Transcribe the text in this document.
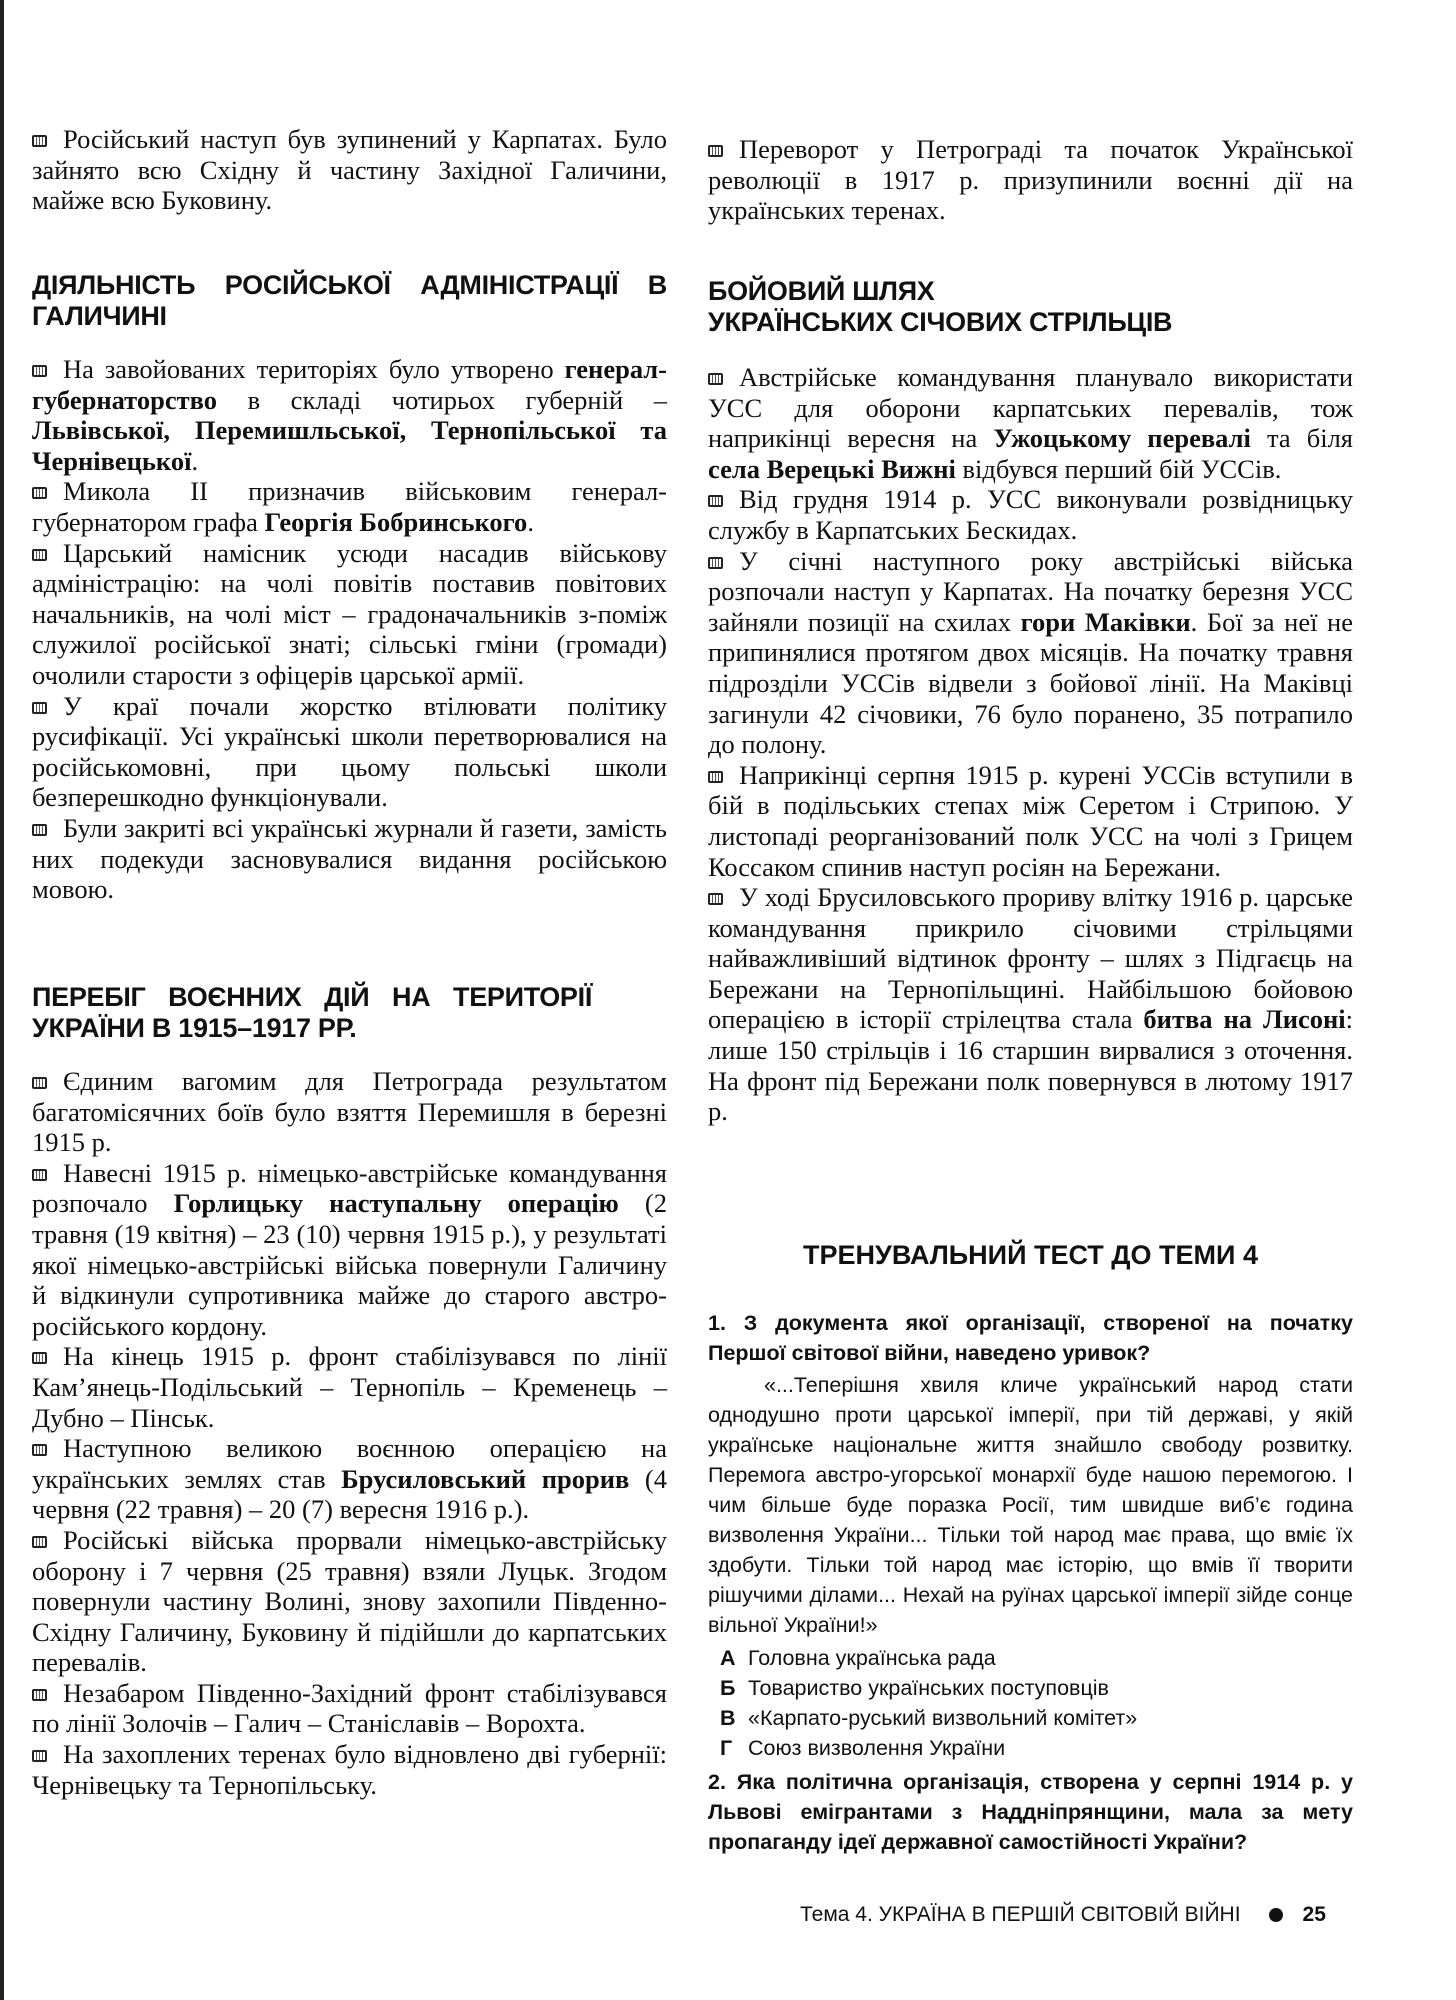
Російський наступ був зупинений у Карпатах. Було зайнято всю Східну й частину Західної Галичини, майже всю Буковину.

ДІЯЛЬНІСТЬ РОСІЙСЬКОЇ АДМІНІСТРАЦІЇ В ГАЛИЧИНІ

На завойованих територіях було утворено генерал-губернаторство в складі чотирьох губерній – Львівської, Перемишльської, Тернопільської та Чернівецької.

Микола II призначив військовим генерал-губернатором графа Георгія Бобринського.

Царський намісник усюди насадив військову адміністрацію: на чолі повітів поставив повітових начальників, на чолі міст – градоначальників з-поміж служилої російської знаті; сільські гміни (громади) очолили старости з офіцерів царської армії.

У краї почали жорстко втілювати політику русифікації. Усі українські школи перетворювалися на російськомовні, при цьому польські школи безперешкодно функціонували.

Були закриті всі українські журнали й газети, замість них подекуди засновувалися видання російською мовою.

ПЕРЕБІГ ВОЄННИХ ДІЙ НА ТЕРИТОРІЇ УКРАЇНИ В 1915–1917 РР.

Єдиним вагомим для Петрограда результатом багатомісячних боїв було взяття Перемишля в березні 1915 р.

Навесні 1915 р. німецько-австрійське командування розпочало Горлицьку наступальну операцію (2 травня (19 квітня) – 23 (10) червня 1915 р.), у результаті якої німецько-австрійські війська повернули Галичину й відкинули супротивника майже до старого австро-російського кордону.

На кінець 1915 р. фронт стабілізувався по лінії Кам’янець-Подільський – Тернопіль – Кременець – Дубно – Пінськ.

Наступною великою воєнною операцією на українських землях став Брусиловський прорив (4 червня (22 травня) – 20 (7) вересня 1916 р.).

Російські війська прорвали німецько-австрійську оборону і 7 червня (25 травня) взяли Луцьк. Згодом повернули частину Волині, знову захопили Південно-Східну Галичину, Буковину й підійшли до карпатських перевалів.

Незабаром Південно-Західний фронт стабілізувався по лінії Золочів – Галич – Станіславів – Ворохта.

На захоплених теренах було відновлено дві губернії: Чернівецьку та Тернопільську.

Переворот у Петрограді та початок Української революції в 1917 р. призупинили воєнні дії на українських теренах.

БОЙОВИЙ ШЛЯХ
УКРАЇНСЬКИХ СІЧОВИХ СТРІЛЬЦІВ

Австрійське командування планувало використати УСС для оборони карпатських перевалів, тож наприкінці вересня на Ужоцькому перевалі та біля села Верецькі Вижні відбувся перший бій УССів.

Від грудня 1914 р. УСС виконували розвідницьку службу в Карпатських Бескидах.

У січні наступного року австрійські війська розпочали наступ у Карпатах. На початку березня УСС зайняли позиції на схилах гори Маківки. Бої за неї не припинялися протягом двох місяців. На початку травня підрозділи УССів відвели з бойової лінії. На Маківці загинули 42 січовики, 76 було поранено, 35 потрапило до полону.

Наприкінці серпня 1915 р. курені УССів вступили в бій в подільських степах між Серетом і Стрипою. У листопаді реорганізований полк УСС на чолі з Грицем Коссаком спинив наступ росіян на Бережани.

У ході Брусиловського прориву влітку 1916 р. царське командування прикрило січовими стрільцями найважливіший відтинок фронту – шлях з Підгаєць на Бережани на Тернопільщині. Найбільшою бойовою операцією в історії стрілецтва стала битва на Лисоні: лише 150 стрільців і 16 старшин вирвалися з оточення. На фронт під Бережани полк повернувся в лютому 1917 р.

ТРЕНУВАЛЬНИЙ ТЕСТ ДО ТЕМИ 4
1. З документа якої організації, створеної на початку Першої світової війни, наведено уривок?
«...Теперішня хвиля кличе український народ стати однодушно проти царської імперії, при тій державі, у якій українське національне життя знайшло свободу розвитку. Перемога австро-угорської монархії буде нашою перемогою. І чим більше буде поразка Росії, тим швидше виб’є година визволення України... Тільки той народ має права, що вміє їх здобути. Тільки той народ має історію, що вмів її творити рішучими ділами... Нехай на руїнах царської імперії зійде сонце вільної України!»
А Головна українська рада
Б Товариство українських поступовців
В «Карпато-руський визвольний комітет»
Г Союз визволення України
2. Яка політична організація, створена у серпні 1914 р. у Львові емігрантами з Наддніпрянщини, мала за мету пропаганду ідеї державної самостійності України?
Тема 4. УКРАЇНА В ПЕРШІЙ СВІТОВІЙ ВІЙНІ	25
